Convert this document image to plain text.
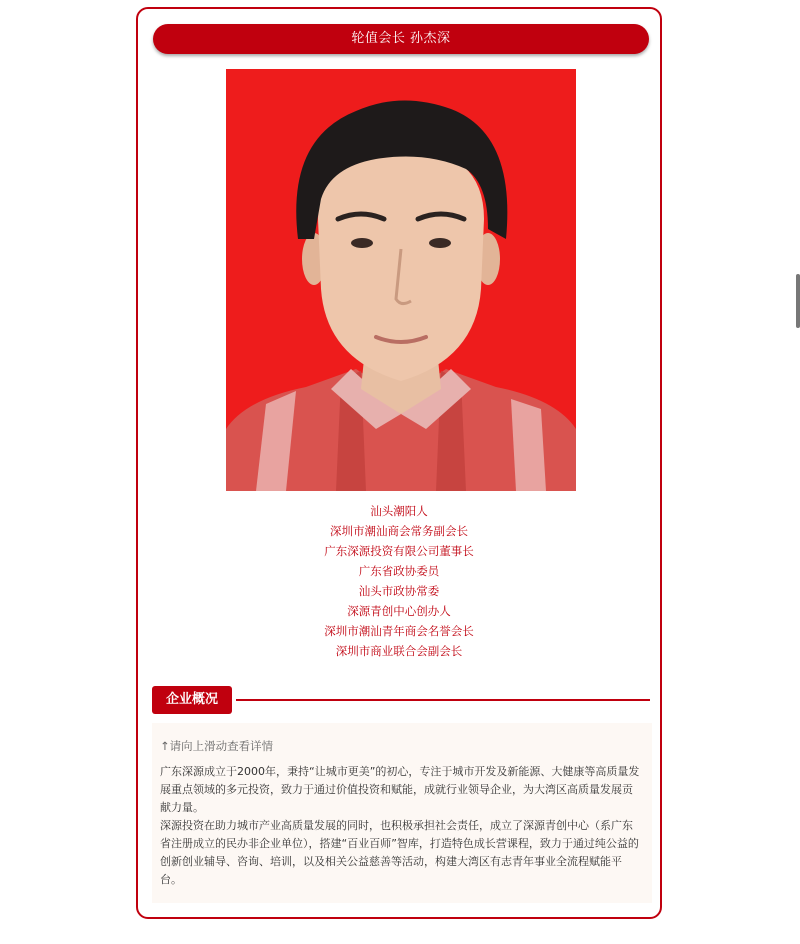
轮值会长 孙杰深
汕头潮阳人
深圳市潮汕商会常务副会长
广东深源投资有限公司董事长
广东省政协委员
汕头市政协常委
深源青创中心创办人
深圳市潮汕青年商会名誉会长
深圳市商业联合会副会长
企业概况
↑请向上滑动查看详情

广东深源成立于2000年，秉持“让城市更美”的初心，专注于城市开发及新能源、大健康等高质量发展重点领域的多元投资，致力于通过价值投资和赋能，成就行业领导企业，为大湾区高质量发展贡献力量。

深源投资在助力城市产业高质量发展的同时，也积极承担社会责任，成立了深源青创中心（系广东省注册成立的民办非企业单位），搭建“百业百师”智库，打造特色成长营课程，致力于通过纯公益的创新创业辅导、咨询、培训，以及相关公益慈善等活动，构建大湾区有志青年事业全流程赋能平台。
